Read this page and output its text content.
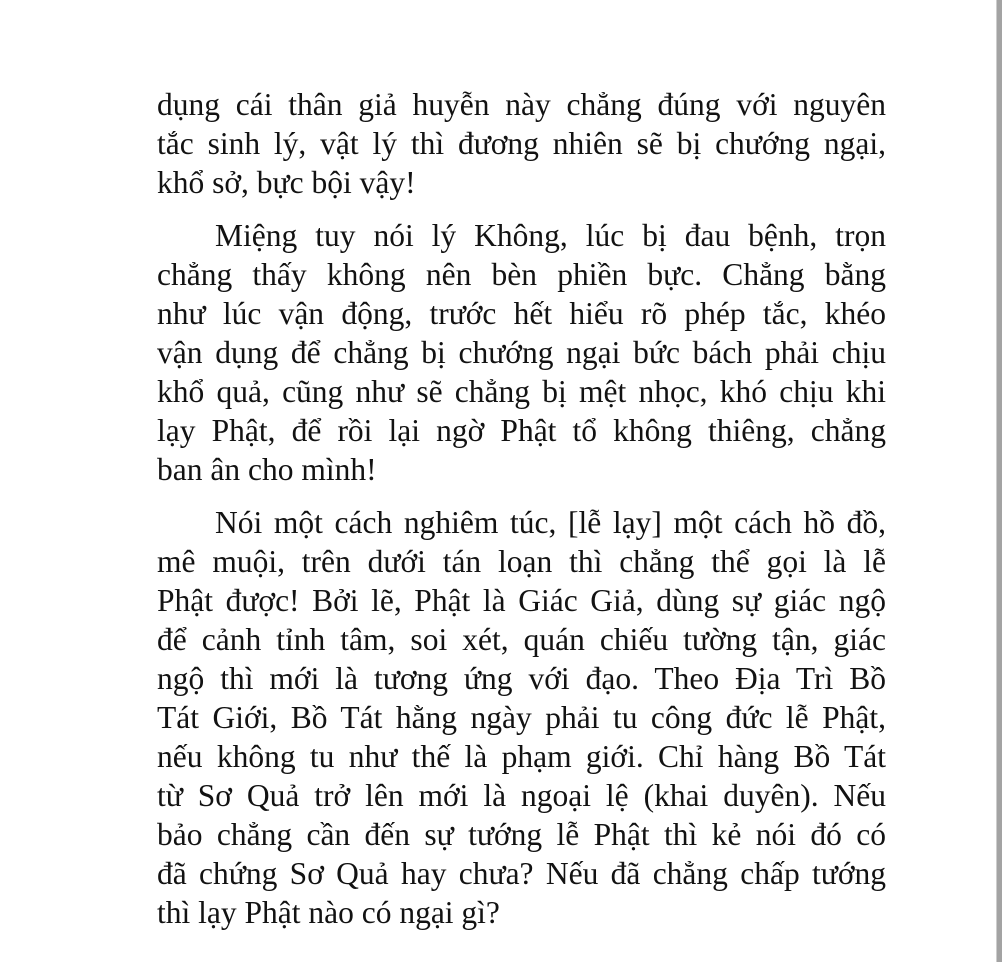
dụng cái thân giả huyễn này chẳng đúng với nguyên
tắc sinh lý, vật lý thì đương nhiên sẽ bị chướng ngại,
khổ sở, bực bội vậy!
Miệng tuy nói lý Không, lúc bị đau bệnh, trọn
chẳng thấy không nên bèn phiền bực. Chẳng bằng
như lúc vận động, trước hết hiểu rõ phép tắc, khéo
vận dụng để chẳng bị chướng ngại bức bách phải chịu
khổ quả, cũng như sẽ chẳng bị mệt nhọc, khó chịu khi
lạy Phật, để rồi lại ngờ Phật tổ không thiêng, chẳng
ban ân cho mình!
Nói một cách nghiêm túc, [lễ lạy] một cách hồ đồ,
mê muội, trên dưới tán loạn thì chẳng thể gọi là lễ
Phật được! Bởi lẽ, Phật là Giác Giả, dùng sự giác ngộ
để cảnh tỉnh tâm, soi xét, quán chiếu tường tận, giác
ngộ thì mới là tương ứng với đạo. Theo Địa Trì Bồ
Tát Giới, Bồ Tát hằng ngày phải tu công đức lễ Phật,
nếu không tu như thế là phạm giới. Chỉ hàng Bồ Tát
từ Sơ Quả trở lên mới là ngoại lệ (khai duyên). Nếu
bảo chẳng cần đến sự tướng lễ Phật thì kẻ nói đó có
đã chứng Sơ Quả hay chưa? Nếu đã chẳng chấp tướng
thì lạy Phật nào có ngại gì?
